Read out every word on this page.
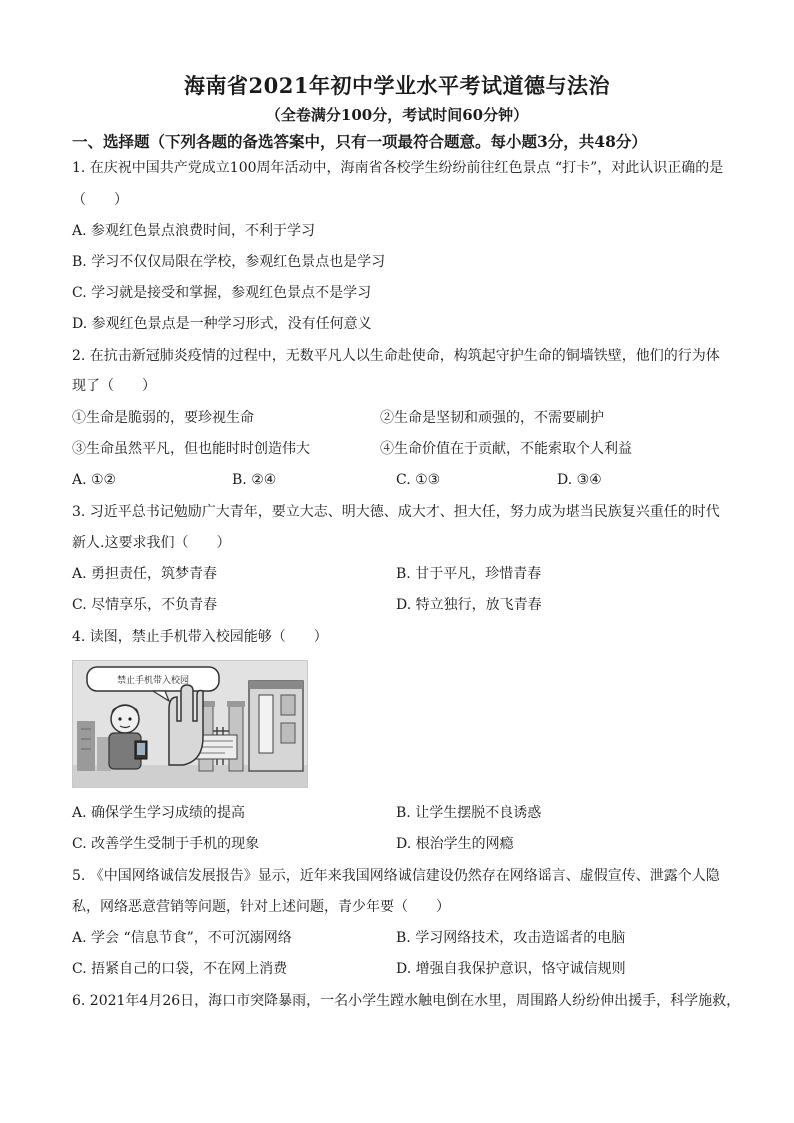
海南省2021年初中学业水平考试道德与法治
（全卷满分100分，考试时间60分钟）
一、选择题（下列各题的备选答案中，只有一项最符合题意。每小题3分，共48分）
1. 在庆祝中国共产党成立100周年活动中，海南省各校学生纷纷前往红色景点 “打卡”，对此认识正确的是
（　　）
A. 参观红色景点浪费时间，不利于学习
B. 学习不仅仅局限在学校，参观红色景点也是学习
C. 学习就是接受和掌握，参观红色景点不是学习
D. 参观红色景点是一种学习形式，没有任何意义
2. 在抗击新冠肺炎疫情的过程中，无数平凡人以生命赴使命，构筑起守护生命的铜墙铁壁，他们的行为体
现了（　　）
①生命是脆弱的，要珍视生命	②生命是坚韧和顽强的，不需要刷护
③生命虽然平凡，但也能时时创造伟大	④生命价值在于贡献，不能索取个人利益
A. ①②	B. ②④	C. ①③	D. ③④
3. 习近平总书记勉励广大青年，要立大志、明大德、成大才、担大任，努力成为堪当民族复兴重任的时代
新人.这要求我们（　　）
A. 勇担责任，筑梦青春	B. 甘于平凡，珍惜青春
C. 尽情享乐，不负青春	D. 特立独行，放飞青春
4. 读图，禁止手机带入校园能够（　　）
禁止手机带入校园
A. 确保学生学习成绩的提高	B. 让学生摆脱不良诱惑
C. 改善学生受制于手机的现象	D. 根治学生的网瘾
5. 《中国网络诚信发展报告》显示，近年来我国网络诚信建设仍然存在网络谣言、虚假宣传、泄露个人隐
私，网络恶意营销等问题，针对上述问题，青少年要（　　）
A. 学会 “信息节食”，不可沉溺网络	B. 学习网络技术，攻击造谣者的电脑
C. 捂紧自己的口袋，不在网上消费	D. 增强自我保护意识，恪守诚信规则
6. 2021年4月26日，海口市突降暴雨，一名小学生蹚水触电倒在水里，周围路人纷纷伸出援手，科学施救，
